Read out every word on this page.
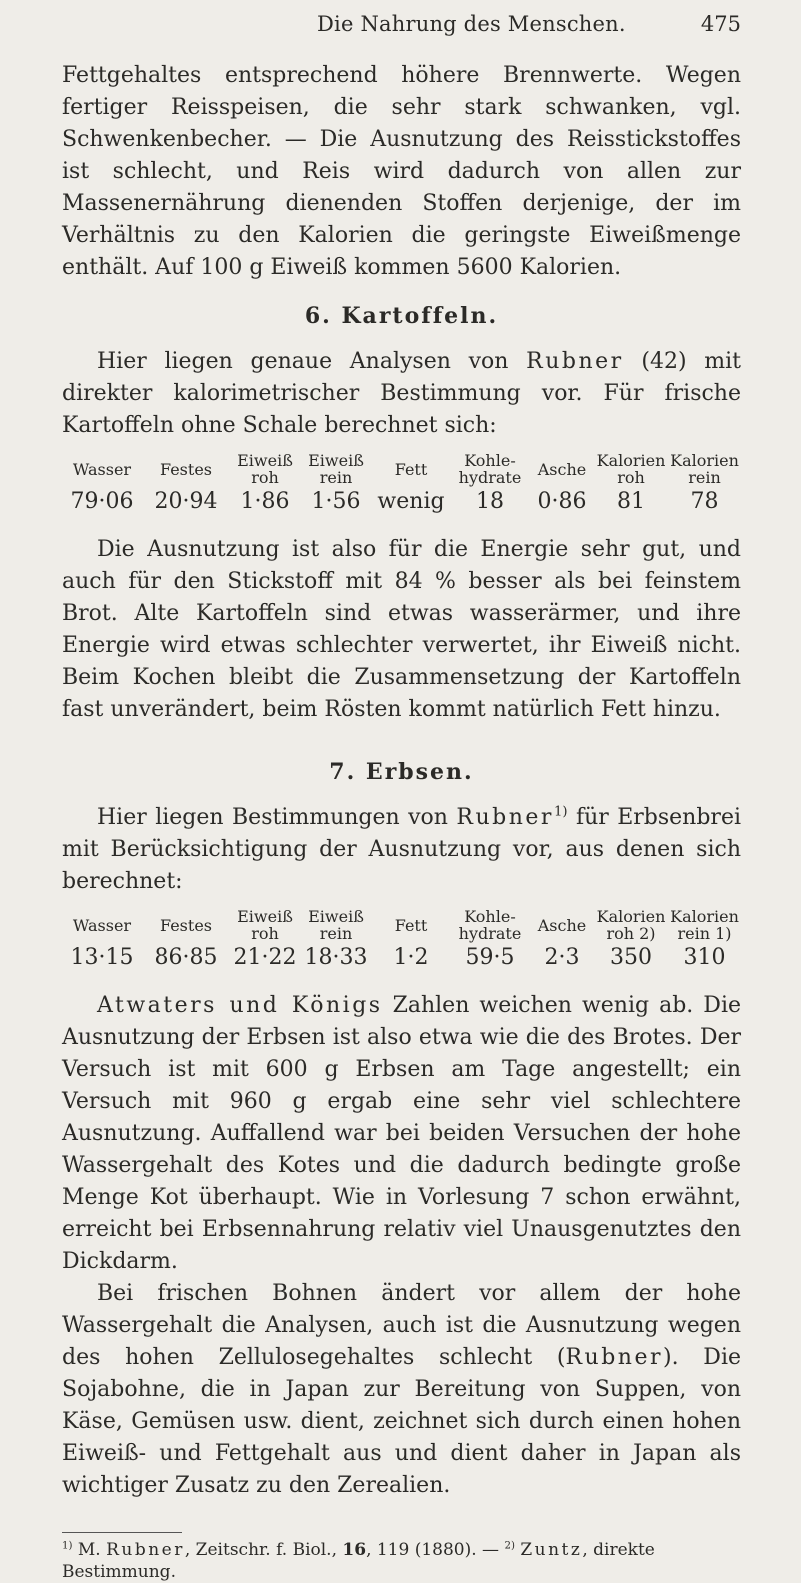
Die Nahrung des Menschen.	475

Fettgehaltes entsprechend höhere Brennwerte. Wegen fertiger Reisspeisen, die sehr stark schwanken, vgl. Schwenkenbecher. — Die Ausnutzung des Reisstickstoffes ist schlecht, und Reis wird dadurch von allen zur Massenernährung dienenden Stoffen derjenige, der im Verhältnis zu den Kalorien die geringste Eiweißmenge enthält. Auf 100 g Eiweiß kommen 5600 Kalorien.

6. Kartoffeln.

Hier liegen genaue Analysen von Rubner (42) mit direkter kalorimetrischer Bestimmung vor. Für frische Kartoffeln ohne Schale berechnet sich:

Wasser	Festes	Eiweiß roh	Eiweiß rein	Fett	Kohle-hydrate	Asche	Kalorien roh	Kalorien rein
79·06	20·94	1·86	1·56	wenig	18	0·86	81	78

Die Ausnutzung ist also für die Energie sehr gut, und auch für den Stickstoff mit 84 % besser als bei feinstem Brot. Alte Kartoffeln sind etwas wasserärmer, und ihre Energie wird etwas schlechter verwertet, ihr Eiweiß nicht. Beim Kochen bleibt die Zusammensetzung der Kartoffeln fast unverändert, beim Rösten kommt natürlich Fett hinzu.

7. Erbsen.

Hier liegen Bestimmungen von Rubner$^{1)}$ für Erbsenbrei mit Berücksichtigung der Ausnutzung vor, aus denen sich berechnet:

Wasser	Festes	Eiweiß roh	Eiweiß rein	Fett	Kohle-hydrate	Asche	Kalorien roh 2)	Kalorien rein 1)
13·15	86·85	21·22	18·33	1·2	59·5	2·3	350	310

Atwaters und Königs Zahlen weichen wenig ab. Die Ausnutzung der Erbsen ist also etwa wie die des Brotes. Der Versuch ist mit 600 g Erbsen am Tage angestellt; ein Versuch mit 960 g ergab eine sehr viel schlechtere Ausnutzung. Auffallend war bei beiden Versuchen der hohe Wassergehalt des Kotes und die dadurch bedingte große Menge Kot überhaupt. Wie in Vorlesung 7 schon erwähnt, erreicht bei Erbsennahrung relativ viel Unausgenutztes den Dickdarm.

Bei frischen Bohnen ändert vor allem der hohe Wassergehalt die Analysen, auch ist die Ausnutzung wegen des hohen Zellulosegehaltes schlecht (Rubner). Die Sojabohne, die in Japan zur Bereitung von Suppen, von Käse, Gemüsen usw. dient, zeichnet sich durch einen hohen Eiweiß- und Fettgehalt aus und dient daher in Japan als wichtiger Zusatz zu den Zerealien.

$^{1)}$ M. Rubner, Zeitschr. f. Biol., 16, 119 (1880). — $^{2)}$ Zuntz, direkte Bestimmung.
